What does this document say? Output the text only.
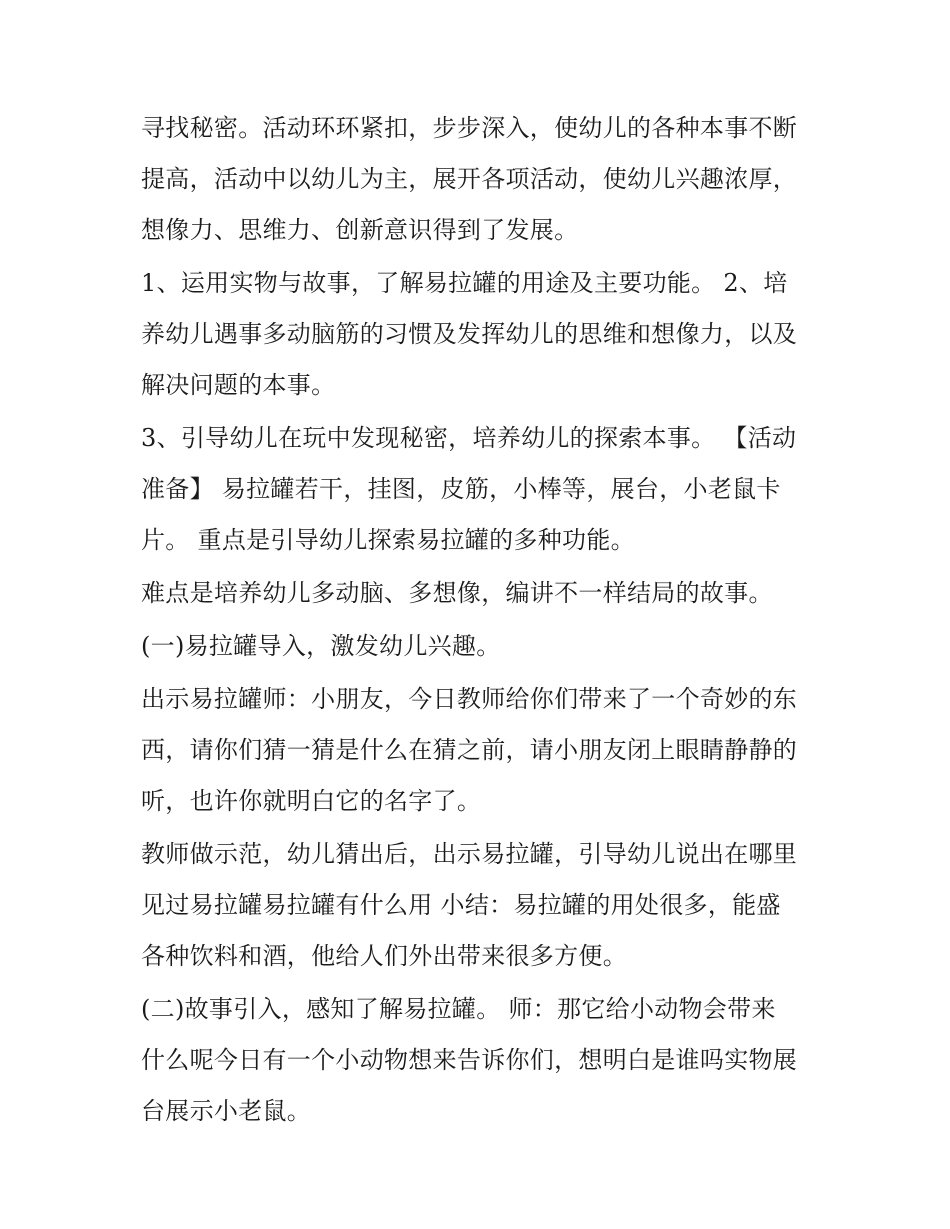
寻找秘密。活动环环紧扣，步步深入，使幼儿的各种本事不断
提高，活动中以幼儿为主，展开各项活动，使幼儿兴趣浓厚，
想像力、思维力、创新意识得到了发展。

1、运用实物与故事，了解易拉罐的用途及主要功能。 2、培
养幼儿遇事多动脑筋的习惯及发挥幼儿的思维和想像力，以及
解决问题的本事。

3、引导幼儿在玩中发现秘密，培养幼儿的探索本事。 【活动
准备】 易拉罐若干，挂图，皮筋，小棒等，展台，小老鼠卡
片。 重点是引导幼儿探索易拉罐的多种功能。

难点是培养幼儿多动脑、多想像，编讲不一样结局的故事。

(一)易拉罐导入，激发幼儿兴趣。

出示易拉罐师：小朋友，今日教师给你们带来了一个奇妙的东
西，请你们猜一猜是什么在猜之前，请小朋友闭上眼睛静静的
听，也许你就明白它的名字了。

教师做示范，幼儿猜出后，出示易拉罐，引导幼儿说出在哪里
见过易拉罐易拉罐有什么用 小结：易拉罐的用处很多，能盛
各种饮料和酒，他给人们外出带来很多方便。

(二)故事引入，感知了解易拉罐。 师：那它给小动物会带来
什么呢今日有一个小动物想来告诉你们，想明白是谁吗实物展
台展示小老鼠。
